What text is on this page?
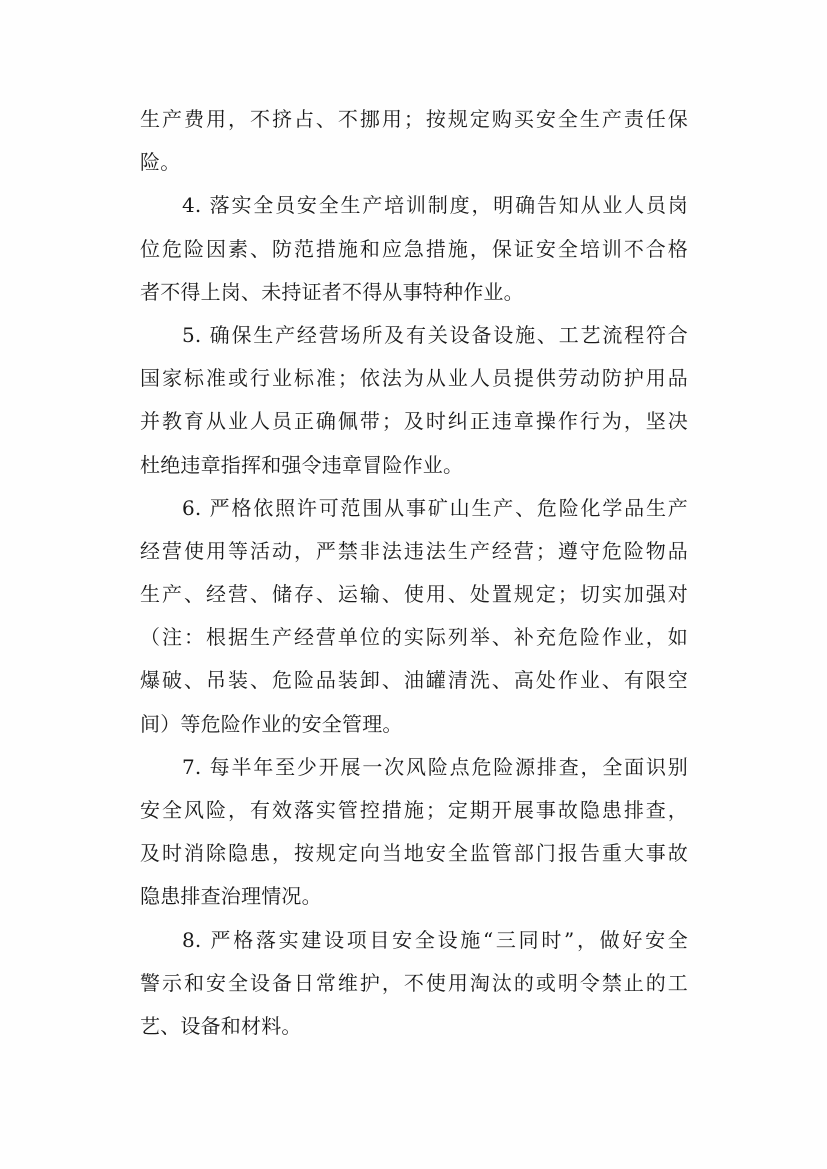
生产费用，不挤占、不挪用；按规定购买安全生产责任保
险。
4. 落实全员安全生产培训制度，明确告知从业人员岗
位危险因素、防范措施和应急措施，保证安全培训不合格
者不得上岗、未持证者不得从事特种作业。
5. 确保生产经营场所及有关设备设施、工艺流程符合
国家标准或行业标准；依法为从业人员提供劳动防护用品
并教育从业人员正确佩带；及时纠正违章操作行为，坚决
杜绝违章指挥和强令违章冒险作业。
6. 严格依照许可范围从事矿山生产、危险化学品生产
经营使用等活动，严禁非法违法生产经营；遵守危险物品
生产、经营、储存、运输、使用、处置规定；切实加强对
（注：根据生产经营单位的实际列举、补充危险作业，如
爆破、吊装、危险品装卸、油罐清洗、高处作业、有限空
间）等危险作业的安全管理。
7. 每半年至少开展一次风险点危险源排查，全面识别
安全风险，有效落实管控措施；定期开展事故隐患排查，
及时消除隐患，按规定向当地安全监管部门报告重大事故
隐患排查治理情况。
8. 严格落实建设项目安全设施“三同时”，做好安全
警示和安全设备日常维护，不使用淘汰的或明令禁止的工
艺、设备和材料。
